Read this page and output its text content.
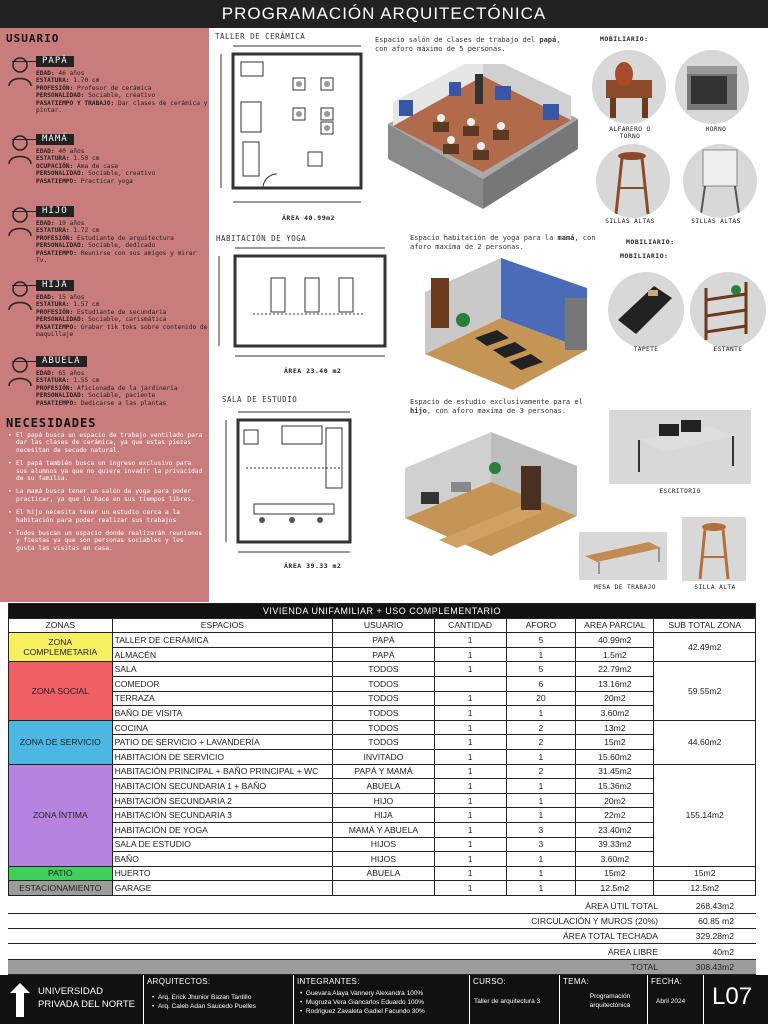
PROGRAMACIÓN ARQUITECTÓNICA
USUARIO
PAPÁ
EDAD: 46 años
ESTATURA: 1.70 cm
PROFESIÓN: Profesor de cerámica
PERSONALIDAD: Sociable, creativo
PASATIEMPO Y TRABAJO: Dar clases de cerámica y pintar.
MAMÁ
EDAD: 40 años
ESTATURA: 1.50 cm
OCUPACIÓN: Ama de casa
PERSONALIDAD: Sociable, creativo
PASATIEMPO: Practicar yoga
HIJO
EDAD: 19 años
ESTATURA: 1.72 cm
PROFESIÓN: Estudiante de arquitectura
PERSONALIDAD: Sociable, dedicado
PASATIEMPO: Reunirse con sus amigos y mirar Tv.
HIJA
EDAD: 15 años
ESTATURA: 1.57 cm
PROFESIÓN: Estudiante de secundaria
PERSONALIDAD: Sociable, carismática
PASATIEMPO: Grabar tik toks sobre contenido de maquillaje
ABUELA
EDAD: 65 años
ESTATURA: 1.55 cm
PROFESIÓN: Aficionada de la jardinería
PERSONALIDAD: Sociable, paciente
PASATIEMPO: Dedicarse a las plantas
NECESIDADES
• El papá busca un espacio de trabajo ventilado para dar las clases de cerámica, ya que estas piezas necesitan de secado natural.
• El papá también busca un ingreso exclusivo para sus alumnos ya que no quiere invadir la privacidad de su familia.
• La mamá busca tener un salón de yoga para poder practicar, ya que lo hace en sus tiempos libres.
• El hijo necesita tener un estudio cerca a la habitación para poder realizar sus trabajos
• Todos buscan un espacio donde realizarán reuniones y fiestas ya que son personas sociables y les gusta las visitas en casa.
TALLER DE CERÁMICA
ÁREA 40.99m2
Espacio salón de clases de trabajo del papá, con aforo máximo de 5 personas.
MOBILIARIO:
ALFARERO O TORNO
HORNO
SILLAS ALTAS	SILLAS ALTAS
HABITACIÓN DE YOGA
ÁREA 23.40 m2
Espacio habitación de yoga para la mamá, con aforo maxima de 2 personas.
MOBILIARIO:
MOBILIARIO:
TAPETE	ESTANTE
SALA DE ESTUDIO
ÁREA 39.33 m2
Espacio de estudio exclusivamente para el hijo, con aforo maxima de 3 personas.
ESCRITORIO
MESA DE TRABAJO	SILLA ALTA
VIVIENDA UNIFAMILIAR + USO COMPLEMENTARIO						
ZONAS	ESPACIOS	USUARIO	CANTIDAD	AFORO	AREA PARCIAL	SUB TOTAL ZONA
ZONA COMPLEMETARIA	TALLER DE CERÁMICA	PAPÁ	1	5	40.99m2	42.49m2
	ALMACÉN	PAPÁ	1	1	1.5m2	
ZONA SOCIAL	SALA	TODOS	1	5	22.79m2	59.55m2
	COMEDOR	TODOS		6	13.16m2	
	TERRAZA	TODOS	1	20	20m2	
	BAÑO DE VISITA	TODOS	1	1	3.60m2	
ZONA DE SERVICIO	COCINA	TODOS	1	2	13m2	44.60m2
	PATIO DE SERVICIO + LAVANDERÍA	TODOS	1	2	15m2	
	HABITACIÓN DE SERVICIO	INVITADO	1	1	15.60m2	
ZONA ÍNTIMA	HABITACIÓN PRINCIPAL + BAÑO PRINCIPAL + WC	PAPÁ Y MAMÁ	1	2	31.45m2	155.14m2
	HABITACIÓN SECUNDARIA 1 + BAÑO	ABUELA	1	1	15.36m2	
	HABITACIÓN SECUNDARIA 2	HIJO	1	1	20m2	
	HABITACIÓN SECUNDARIA 3	HIJA	1	1	22m2	
	HABITACIÓN DE YOGA	MAMÁ Y ABUELA	1	3	23.40m2	
	SALA DE ESTUDIO	HIJOS	1	3	39.33m2	
	BAÑO	HIJOS	1	1	3.60m2	
PATIO	HUERTO	ABUELA	1	1	15m2	15m2
ESTACIONAMIENTO	GARAGE		1	1	12.5m2	12.5m2
ÁREA ÚTIL TOTAL	268.43m2
CIRCULACIÓN Y MUROS (20%)	60.85 m2
ÁREA TOTAL TECHADA	329.28m2
ÁREA LIBRE	40m2
TOTAL	308.43m2
UNIVERSIDAD
PRIVADA DEL NORTE
ARQUITECTOS:
•  Arq. Erick Jhunior Bazan Tantillo
•  Arq. Caleb Adan Saucedo Puelles
INTEGRANTES:
•  Guevara Alaya Vannery Alexandra 100%
•  Mugruza Vera Giancarlos Eduardo 100%
•  Rodriguez Zavaleta Gadiel Facundo 30%
CURSO:
Taller de arquitectura 3
TEMA:
Programación arquitectónica
FECHA:
Abril 2024 L07
